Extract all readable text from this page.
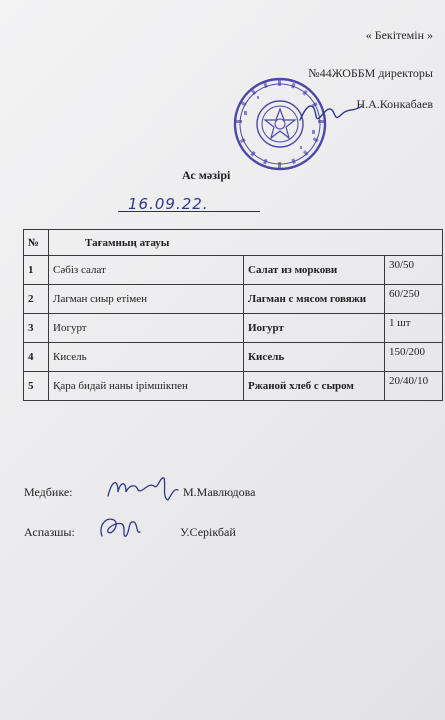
« Бекітемін »
№44ЖОББМ директоры
Н.А.Конкабаев
Ас мәзірі
16.09.22.
№	Тағамның атауы		
1	Сәбіз салат	Салат из моркови	30/50
2	Лагман сиыр етімен	Лагман с мясом говяжи	60/250
3	Иогурт	Иогурт	1 шт
4	Кисель	Кисель	150/200
5	Қара бидай наны ірімшікпен	Ржаной хлеб с сыром	20/40/10
Медбике:	М.Мавлюдова
Аспазшы:	У.Серікбай
